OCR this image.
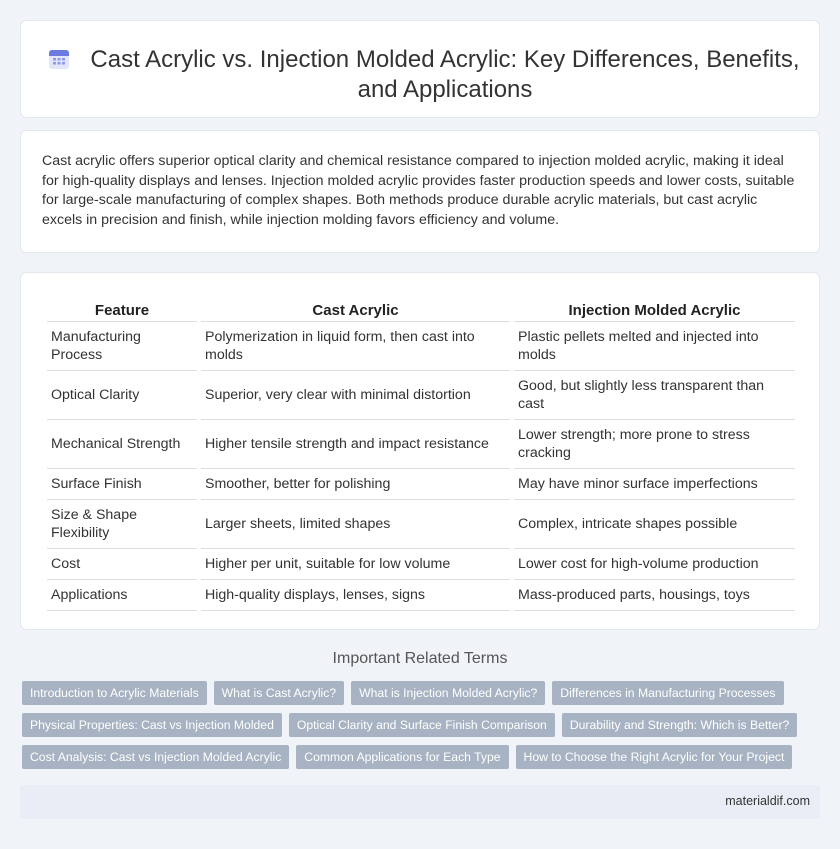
Cast Acrylic vs. Injection Molded Acrylic: Key Differences, Benefits, and Applications

Cast acrylic offers superior optical clarity and chemical resistance compared to injection molded acrylic, making it ideal for high-quality displays and lenses. Injection molded acrylic provides faster production speeds and lower costs, suitable for large-scale manufacturing of complex shapes. Both methods produce durable acrylic materials, but cast acrylic excels in precision and finish, while injection molding favors efficiency and volume.

Feature	Cast Acrylic	Injection Molded Acrylic
Manufacturing Process	Polymerization in liquid form, then cast into molds	Plastic pellets melted and injected into molds
Optical Clarity	Superior, very clear with minimal distortion	Good, but slightly less transparent than cast
Mechanical Strength	Higher tensile strength and impact resistance	Lower strength; more prone to stress cracking
Surface Finish	Smoother, better for polishing	May have minor surface imperfections
Size & Shape Flexibility	Larger sheets, limited shapes	Complex, intricate shapes possible
Cost	Higher per unit, suitable for low volume	Lower cost for high-volume production
Applications	High-quality displays, lenses, signs	Mass-produced parts, housings, toys
Important Related Terms
Introduction to Acrylic Materials	What is Cast Acrylic?	What is Injection Molded Acrylic?	Differences in Manufacturing Processes
Physical Properties: Cast vs Injection Molded	Optical Clarity and Surface Finish Comparison	Durability and Strength: Which is Better?
Cost Analysis: Cast vs Injection Molded Acrylic	Common Applications for Each Type	How to Choose the Right Acrylic for Your Project
materialdif.com
